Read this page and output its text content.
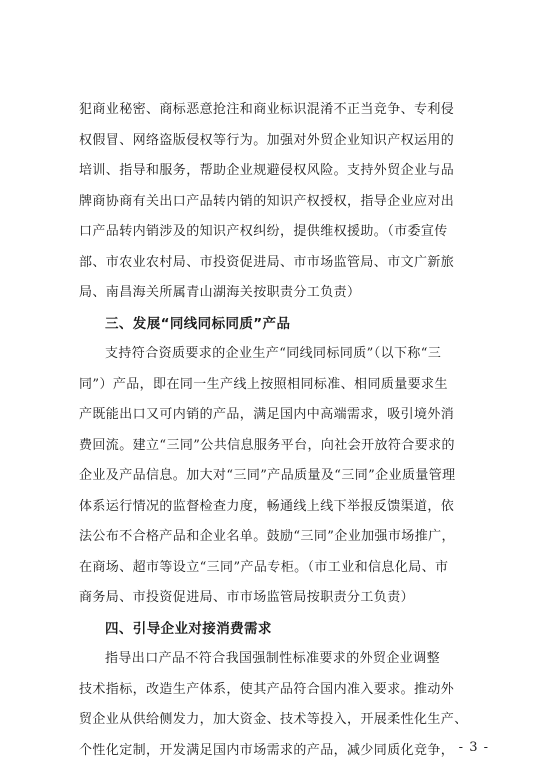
犯商业秘密、商标恶意抢注和商业标识混淆不正当竞争、专利侵
权假冒、网络盗版侵权等行为。加强对外贸企业知识产权运用的
培训、指导和服务，帮助企业规避侵权风险。支持外贸企业与品
牌商协商有关出口产品转内销的知识产权授权，指导企业应对出
口产品转内销涉及的知识产权纠纷，提供维权援助。（市委宣传
部、市农业农村局、市投资促进局、市市场监管局、市文广新旅
局、南昌海关所属青山湖海关按职责分工负责）
三、发展“同线同标同质”产品
支持符合资质要求的企业生产“同线同标同质”（以下称“三
同”）产品，即在同一生产线上按照相同标准、相同质量要求生
产既能出口又可内销的产品，满足国内中高端需求，吸引境外消
费回流。建立“三同”公共信息服务平台，向社会开放符合要求的
企业及产品信息。加大对“三同”产品质量及“三同”企业质量管理
体系运行情况的监督检查力度，畅通线上线下举报反馈渠道，依
法公布不合格产品和企业名单。鼓励“三同”企业加强市场推广，
在商场、超市等设立“三同”产品专柜。（市工业和信息化局、市
商务局、市投资促进局、市市场监管局按职责分工负责）
四、引导企业对接消费需求
指导出口产品不符合我国强制性标准要求的外贸企业调整
技术指标，改造生产体系，使其产品符合国内准入要求。推动外
贸企业从供给侧发力，加大资金、技术等投入，开展柔性化生产、
个性化定制，开发满足国内市场需求的产品，减少同质化竞争， - 3 -
